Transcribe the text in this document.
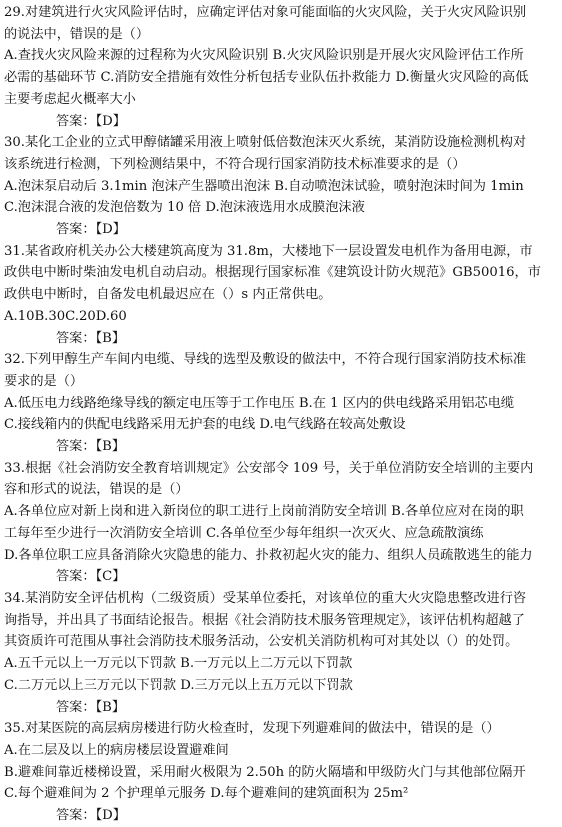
29.对建筑进行火灾风险评估时，应确定评估对象可能面临的火灾风险，关于火灾风险识别
的说法中，错误的是（）
A.查找火灾风险来源的过程称为火灾风险识别 B.火灾风险识别是开展火灾风险评估工作所
必需的基础环节 C.消防安全措施有效性分析包括专业队伍扑救能力 D.衡量火灾风险的高低
主要考虑起火概率大小
答案：【D】
30.某化工企业的立式甲醇储罐采用液上喷射低倍数泡沫灭火系统，某消防设施检测机构对
该系统进行检测，下列检测结果中，不符合现行国家消防技术标准要求的是（）
A.泡沫泵启动后 3.1min 泡沫产生器喷出泡沫 B.自动喷泡沫试验，喷射泡沫时间为 1min
C.泡沫混合液的发泡倍数为 10 倍 D.泡沫液选用水成膜泡沫液
答案：【D】
31.某省政府机关办公大楼建筑高度为 31.8m，大楼地下一层设置发电机作为备用电源，市
政供电中断时柴油发电机自动启动。根据现行国家标准《建筑设计防火规范》GB50016，市
政供电中断时，自备发电机最迟应在（）s 内正常供电。
A.10B.30C.20D.60
答案：【B】
32.下列甲醇生产车间内电缆、导线的选型及敷设的做法中，不符合现行国家消防技术标准
要求的是（）
A.低压电力线路绝缘导线的额定电压等于工作电压 B.在 1 区内的供电线路采用铝芯电缆
C.接线箱内的供配电线路采用无护套的电线 D.电气线路在较高处敷设
答案：【B】
33.根据《社会消防安全教育培训规定》公安部令 109 号，关于单位消防安全培训的主要内
容和形式的说法，错误的是（）
A.各单位应对新上岗和进入新岗位的职工进行上岗前消防安全培训 B.各单位应对在岗的职
工每年至少进行一次消防安全培训 C.各单位至少每年组织一次灭火、应急疏散演练
D.各单位职工应具备消除火灾隐患的能力、扑救初起火灾的能力、组织人员疏散逃生的能力
答案：【C】
34.某消防安全评估机构（二级资质）受某单位委托，对该单位的重大火灾隐患整改进行咨
询指导，并出具了书面结论报告。根据《社会消防技术服务管理规定》，该评估机构超越了
其资质许可范围从事社会消防技术服务活动，公安机关消防机构可对其处以（）的处罚。
A.五千元以上一万元以下罚款 B.一万元以上二万元以下罚款
C.二万元以上三万元以下罚款 D.三万元以上五万元以下罚款
答案：【B】
35.对某医院的高层病房楼进行防火检查时，发现下列避难间的做法中，错误的是（）
A.在二层及以上的病房楼层设置避难间
B.避难间靠近楼梯设置，采用耐火极限为 2.50h 的防火隔墙和甲级防火门与其他部位隔开
C.每个避难间为 2 个护理单元服务 D.每个避难间的建筑面积为 25m²
答案：【D】
